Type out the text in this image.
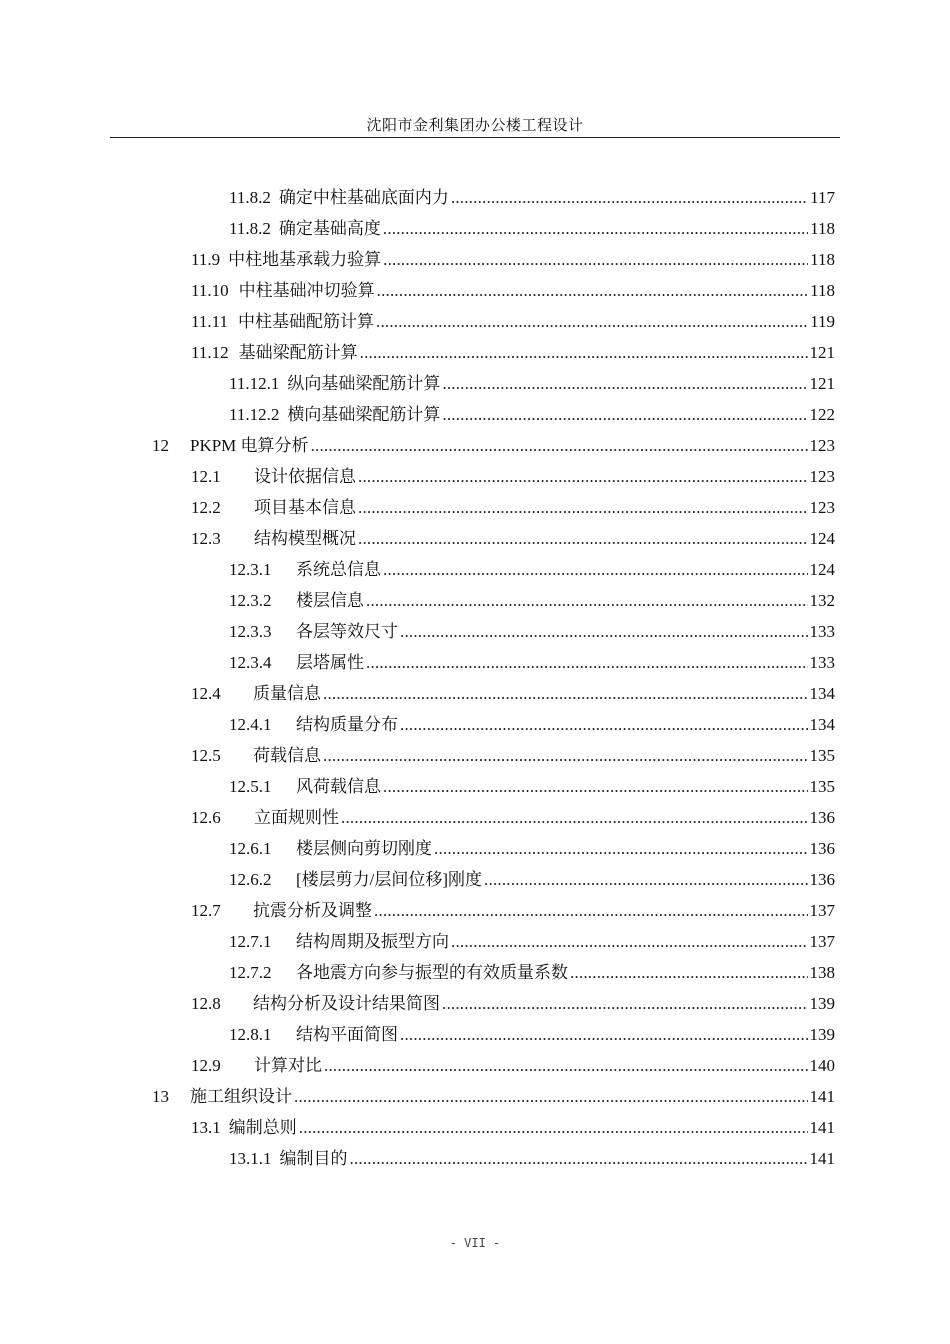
沈阳市金利集团办公楼工程设计
11.8.2 确定中柱基础底面内力 .....	117
11.8.2 确定基础高度 .....	118
11.9 中柱地基承载力验算 .....	118
11.10 中柱基础冲切验算 .....	118
11.11 中柱基础配筋计算 .....	119
11.12 基础梁配筋计算 .....	121
11.12.1 纵向基础梁配筋计算 .....	121
11.12.2 横向基础梁配筋计算 .....	122
12	PKPM 电算分析 .....	123
12.1	设计依据信息 .....	123
12.2	项目基本信息 .....	123
12.3	结构模型概况 .....	124
12.3.1	系统总信息 .....	124
12.3.2	楼层信息 .....	132
12.3.3	各层等效尺寸 .....	133
12.3.4	层塔属性 .....	133
12.4	质量信息 .....	134
12.4.1	结构质量分布 .....	134
12.5	荷载信息 .....	135
12.5.1	风荷载信息 .....	135
12.6	立面规则性 .....	136
12.6.1	楼层侧向剪切刚度 .....	136
12.6.2	[楼层剪力/层间位移]刚度 .....	136
12.7	抗震分析及调整 .....	137
12.7.1	结构周期及振型方向 .....	137
12.7.2	各地震方向参与振型的有效质量系数 .....	138
12.8	结构分析及设计结果简图 .....	139
12.8.1	结构平面简图 .....	139
12.9	计算对比 .....	140
13	施工组织设计 .....	141
13.1 编制总则 .....	141
13.1.1 编制目的 .....	141
- VII -
